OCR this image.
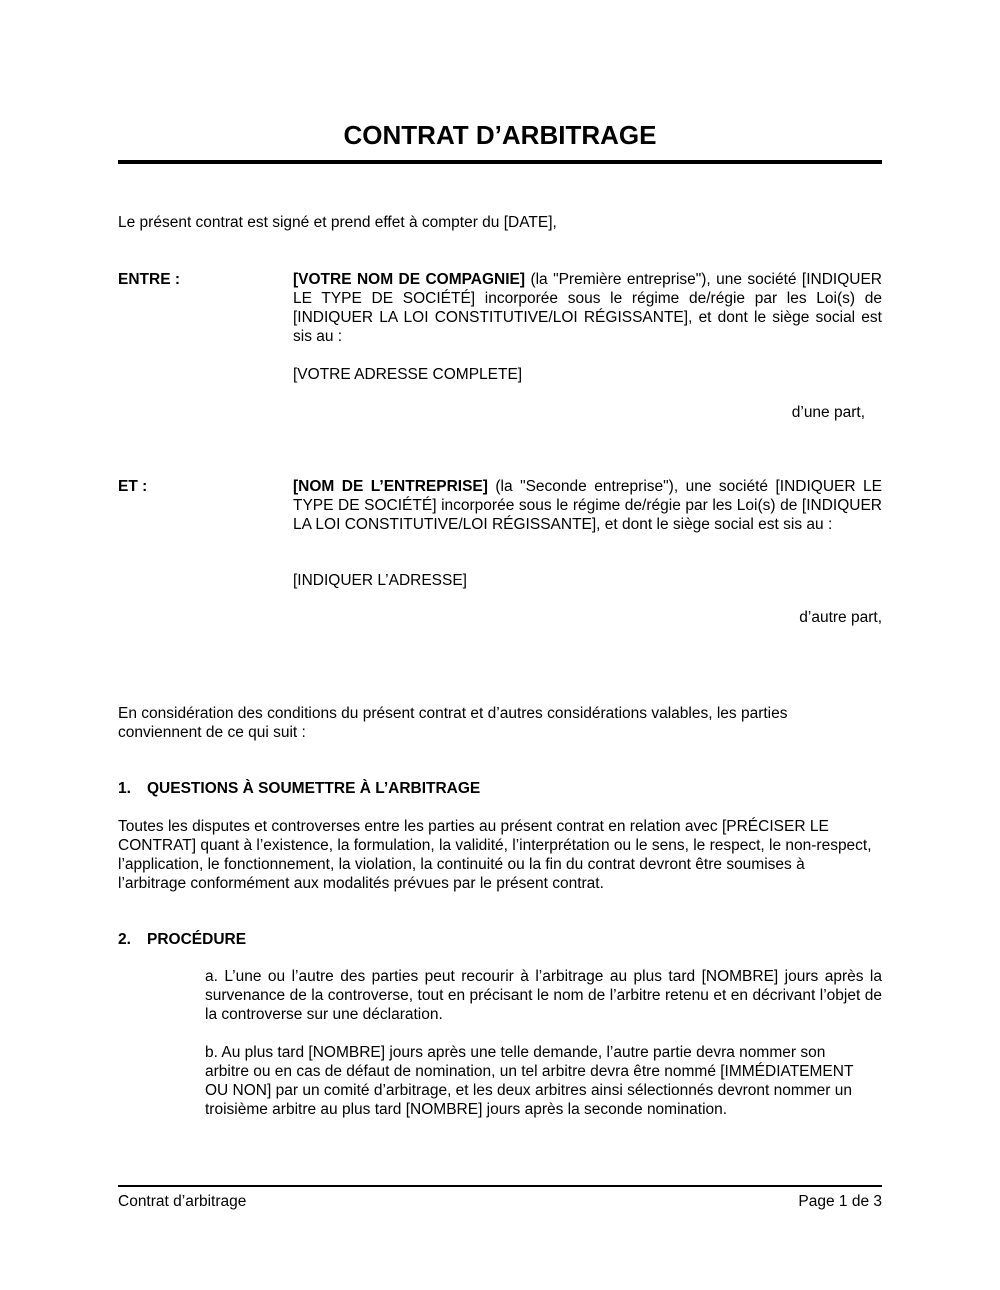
CONTRAT D’ARBITRAGE
Le présent contrat est signé et prend effet à compter du [DATE],
ENTRE :	[VOTRE NOM DE COMPAGNIE] (la "Première entreprise"), une société [INDIQUER LE TYPE DE SOCIÉTÉ] incorporée sous le régime de/régie par les Loi(s) de [INDIQUER LA LOI CONSTITUTIVE/LOI RÉGISSANTE], et dont le siège social est sis au :
[VOTRE ADRESSE COMPLETE]
d’une part,
ET :	[NOM DE L’ENTREPRISE] (la "Seconde entreprise"), une société [INDIQUER LE TYPE DE SOCIÉTÉ] incorporée sous le régime de/régie par les Loi(s) de [INDIQUER LA LOI CONSTITUTIVE/LOI RÉGISSANTE], et dont le siège social est sis au :
[INDIQUER L’ADRESSE]
d’autre part,
En considération des conditions du présent contrat et d’autres considérations valables, les parties conviennent de ce qui suit :
1. QUESTIONS À SOUMETTRE À L’ARBITRAGE
Toutes les disputes et controverses entre les parties au présent contrat en relation avec [PRÉCISER LE CONTRAT] quant à l’existence, la formulation, la validité, l’interprétation ou le sens, le respect, le non-respect, l’application, le fonctionnement, la violation, la continuité ou la fin du contrat devront être soumises à l’arbitrage conformément aux modalités prévues par le présent contrat.
2. PROCÉDURE
a. L’une ou l’autre des parties peut recourir à l’arbitrage au plus tard [NOMBRE] jours après la survenance de la controverse, tout en précisant le nom de l’arbitre retenu et en décrivant l’objet de la controverse sur une déclaration.
b. Au plus tard [NOMBRE] jours après une telle demande, l’autre partie devra nommer son arbitre ou en cas de défaut de nomination, un tel arbitre devra être nommé [IMMÉDIATEMENT OU NON] par un comité d’arbitrage, et les deux arbitres ainsi sélectionnés devront nommer un troisième arbitre au plus tard [NOMBRE] jours après la seconde nomination.
Contrat d’arbitrage	Page 1 de 3
